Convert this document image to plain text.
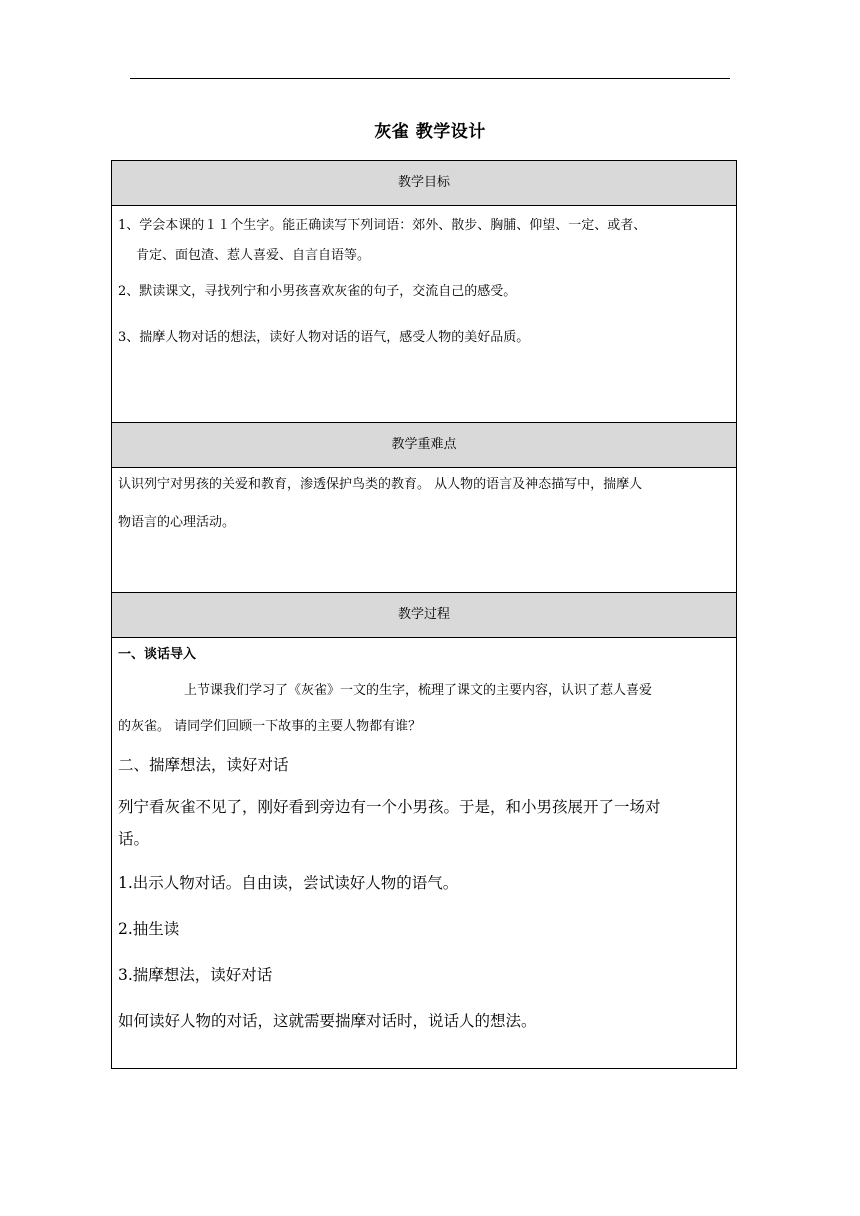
灰雀 教学设计
教学目标

1、学会本课的１１个生字。能正确读写下列词语：郊外、散步、胸脯、仰望、一定、或者、
肯定、面包渣、惹人喜爱、自言自语等。

2、默读课文，寻找列宁和小男孩喜欢灰雀的句子，交流自己的感受。

3、揣摩人物对话的想法，读好人物对话的语气，感受人物的美好品质。

教学重难点

认识列宁对男孩的关爱和教育，渗透保护鸟类的教育。 从人物的语言及神态描写中，揣摩人

物语言的心理活动。

教学过程

一、谈话导入

上节课我们学习了《灰雀》一文的生字，梳理了课文的主要内容，认识了惹人喜爱

的灰雀。 请同学们回顾一下故事的主要人物都有谁？

二、揣摩想法，读好对话

列宁看灰雀不见了，刚好看到旁边有一个小男孩。于是，和小男孩展开了一场对

话。

1.出示人物对话。自由读，尝试读好人物的语气。

2.抽生读

3.揣摩想法，读好对话

如何读好人物的对话，这就需要揣摩对话时，说话人的想法。
